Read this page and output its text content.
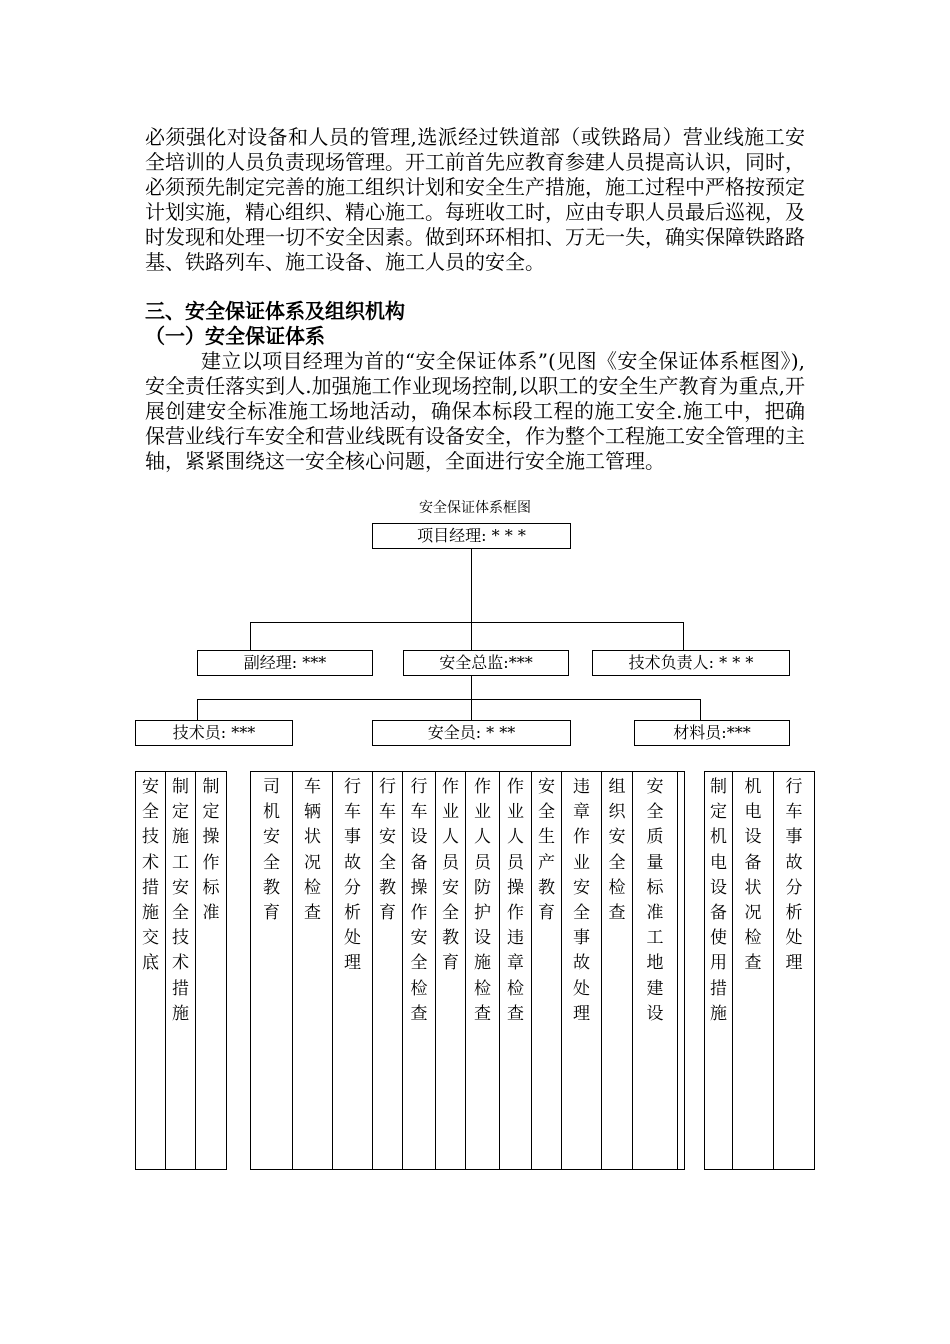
必须强化对设备和人员的管理,选派经过铁道部（或铁路局）营业线施工安全培训的人员负责现场管理。开工前首先应教育参建人员提高认识，同时，必须预先制定完善的施工组织计划和安全生产措施，施工过程中严格按预定计划实施，精心组织、精心施工。每班收工时，应由专职人员最后巡视，及时发现和处理一切不安全因素。做到环环相扣、万无一失，确实保障铁路路基、铁路列车、施工设备、施工人员的安全。
三、安全保证体系及组织机构
（一）安全保证体系
建立以项目经理为首的“安全保证体系”(见图《安全保证体系框图》),安全责任落实到人.加强施工作业现场控制,以职工的安全生产教育为重点,开展创建安全标准施工场地活动，确保本标段工程的施工安全.施工中，把确保营业线行车安全和营业线既有设备安全，作为整个工程施工安全管理的主轴，紧紧围绕这一安全核心问题，全面进行安全施工管理。
安全保证体系框图
项目经理: * * *
副经理: ***	安全总监:***	技术负责人: * * *
技术员: ***	安全员: * **	材料员:***
安
全
技
术
措
施
交
底
制
定
施
工
安
全
技
术
措
施
制
定
操
作
标
准
司
机
安
全
教
育
车
辆
状
况
检
查
行
车
事
故
分
析
处
理
行
车
安
全
教
育
行
车
设
备
操
作
安
全
检
查
作
业
人
员
安
全
教
育
作
业
人
员
防
护
设
施
检
查
作
业
人
员
操
作
违
章
检
查
安
全
生
产
教
育
违
章
作
业
安
全
事
故
处
理
组
织
安
全
检
查
安
全
质
量
标
准
工
地
建
设
制
定
机
电
设
备
使
用
措
施
机
电
设
备
状
况
检
查
行
车
事
故
分
析
处
理
